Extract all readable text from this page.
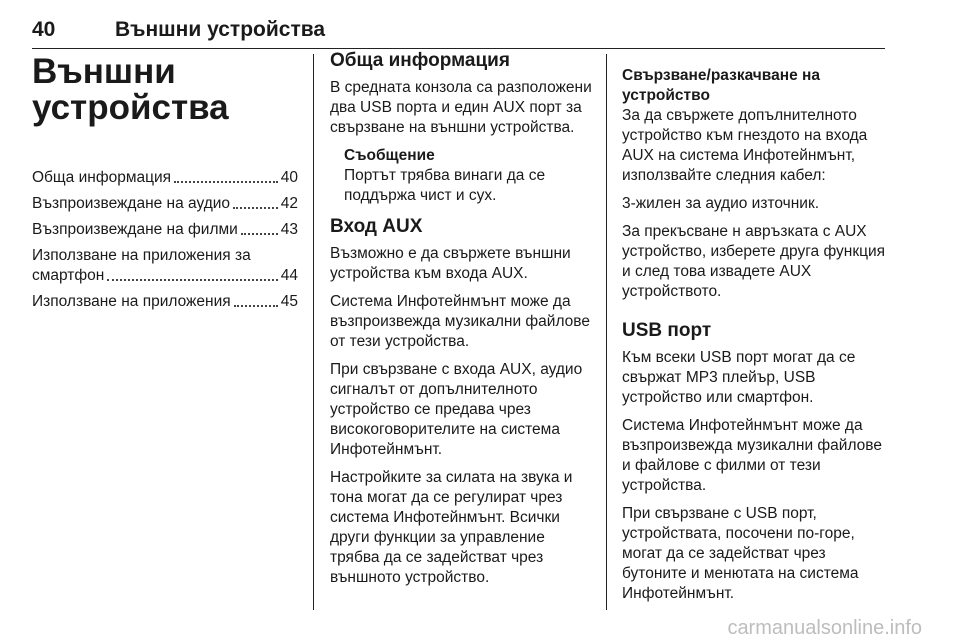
40	Външни устройства
Външни
устройства
Обща информация	40
Възпроизвеждане на аудио	42
Възпроизвеждане на филми	43
Използване на приложения за
смартфон	44
Използване на приложения	45
Обща информация

В средната конзола са разположени два USB порта и един AUX порт за свързване на външни устройства.

Съобщение
Портът трябва винаги да се поддържа чист и сух.
Вход AUX

Възможно е да свържете външни устройства към входа AUX.

Система Инфотейнмънт може да възпроизвежда музикални файлове от тези устройства.

При свързване с входа AUX, аудио сигналът от допълнителното устройство се предава чрез високоговорителите на система Инфотейнмънт.

Настройките за силата на звука и тона могат да се регулират чрез система Инфотейнмънт. Всички други функции за управление трябва да се задействат чрез външното устройство.

Свързване/разкачване на устройство

За да свържете допълнителното устройство към гнездото на входа AUX на система Инфотейнмънт, използвайте следния кабел:

3-жилен за аудио източник.

За прекъсване н авръзката с AUX устройство, изберете друга функция и след това извадете AUX устройството.

USB порт

Към всеки USB порт могат да се свържат MP3 плейър, USB устройство или смартфон.

Система Инфотейнмънт може да възпроизвежда музикални файлове и файлове с филми от тези устройства.

При свързване с USB порт, устройствата, посочени по-горе, могат да се задействат чрез бутоните и менютата на система Инфотейнмънт.

carmanualsonline.info
